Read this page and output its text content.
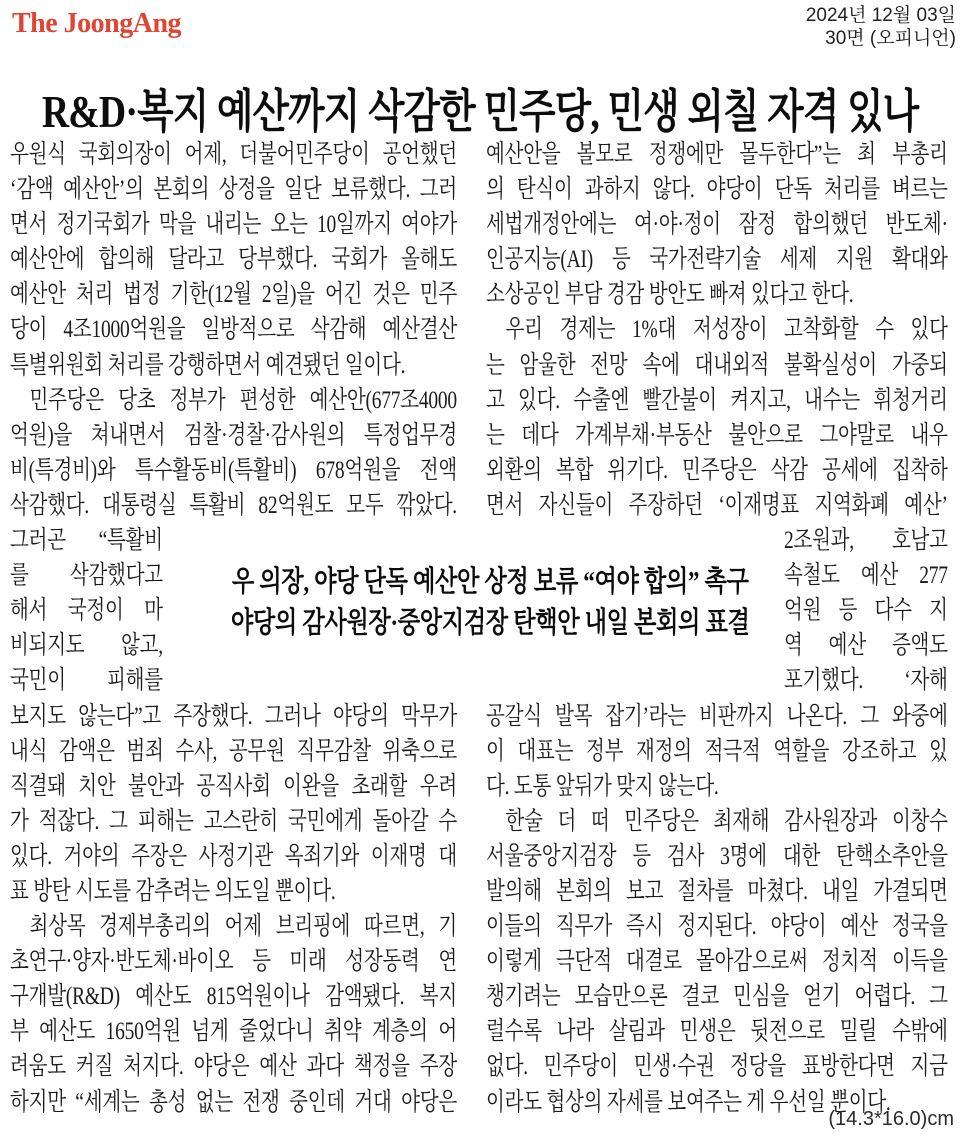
The JoongAng	2024년 12월 03일
30면 (오피니언)
R&D·복지 예산까지 삭감한 민주당, 민생 외칠 자격 있나
우원식 국회의장이 어제, 더불어민주당이 공언했던
‘감액 예산안’의 본회의 상정을 일단 보류했다. 그러
면서 정기국회가 막을 내리는 오는 10일까지 여야가
예산안에 합의해 달라고 당부했다. 국회가 올해도
예산안 처리 법정 기한(12월 2일)을 어긴 것은 민주
당이 4조1000억원을 일방적으로 삭감해 예산결산
특별위원회 처리를 강행하면서 예견됐던 일이다.
민주당은 당초 정부가 편성한 예산안(677조4000
억원)을 쳐내면서 검찰·경찰·감사원의 특정업무경
비(특경비)와 특수활동비(특활비) 678억원을 전액
삭감했다. 대통령실 특활비 82억원도 모두 깎았다.
그러곤 “특활비
를 삭감했다고
해서 국정이 마
비되지도 않고,
국민이 피해를
보지도 않는다”고 주장했다. 그러나 야당의 막무가
내식 감액은 범죄 수사, 공무원 직무감찰 위축으로
직결돼 치안 불안과 공직사회 이완을 초래할 우려
가 적잖다. 그 피해는 고스란히 국민에게 돌아갈 수
있다. 거야의 주장은 사정기관 옥죄기와 이재명 대
표 방탄 시도를 감추려는 의도일 뿐이다.
최상목 경제부총리의 어제 브리핑에 따르면, 기
초연구·양자·반도체·바이오 등 미래 성장동력 연
구개발(R&D) 예산도 815억원이나 감액됐다. 복지
부 예산도 1650억원 넘게 줄었다니 취약 계층의 어
려움도 커질 처지다. 야당은 예산 과다 책정을 주장
하지만 “세계는 총성 없는 전쟁 중인데 거대 야당은
예산안을 볼모로 정쟁에만 몰두한다”는 최 부총리
의 탄식이 과하지 않다. 야당이 단독 처리를 벼르는
세법개정안에는 여·야·정이 잠정 합의했던 반도체·
인공지능(AI) 등 국가전략기술 세제 지원 확대와
소상공인 부담 경감 방안도 빠져 있다고 한다.
우리 경제는 1%대 저성장이 고착화할 수 있다
는 암울한 전망 속에 대내외적 불확실성이 가중되
고 있다. 수출엔 빨간불이 켜지고, 내수는 휘청거리
는 데다 가계부채·부동산 불안으로 그야말로 내우
외환의 복합 위기다. 민주당은 삭감 공세에 집착하
면서 자신들이 주장하던 ‘이재명표 지역화폐 예산’
2조원과, 호남고
속철도 예산 277
억원 등 다수 지
역 예산 증액도
포기했다. ‘자해
공갈식 발목 잡기’라는 비판까지 나온다. 그 와중에
이 대표는 정부 재정의 적극적 역할을 강조하고 있
다. 도통 앞뒤가 맞지 않는다.
한술 더 떠 민주당은 최재해 감사원장과 이창수
서울중앙지검장 등 검사 3명에 대한 탄핵소추안을
발의해 본회의 보고 절차를 마쳤다. 내일 가결되면
이들의 직무가 즉시 정지된다. 야당이 예산 정국을
이렇게 극단적 대결로 몰아감으로써 정치적 이득을
챙기려는 모습만으론 결코 민심을 얻기 어렵다. 그
럴수록 나라 살림과 민생은 뒷전으로 밀릴 수밖에
없다. 민주당이 민생·수권 정당을 표방한다면 지금
이라도 협상의 자세를 보여주는 게 우선일 뿐이다.
우 의장, 야당 단독 예산안 상정 보류 “여야 합의” 촉구
야당의 감사원장·중앙지검장 탄핵안 내일 본회의 표결
(14.3*16.0)cm
